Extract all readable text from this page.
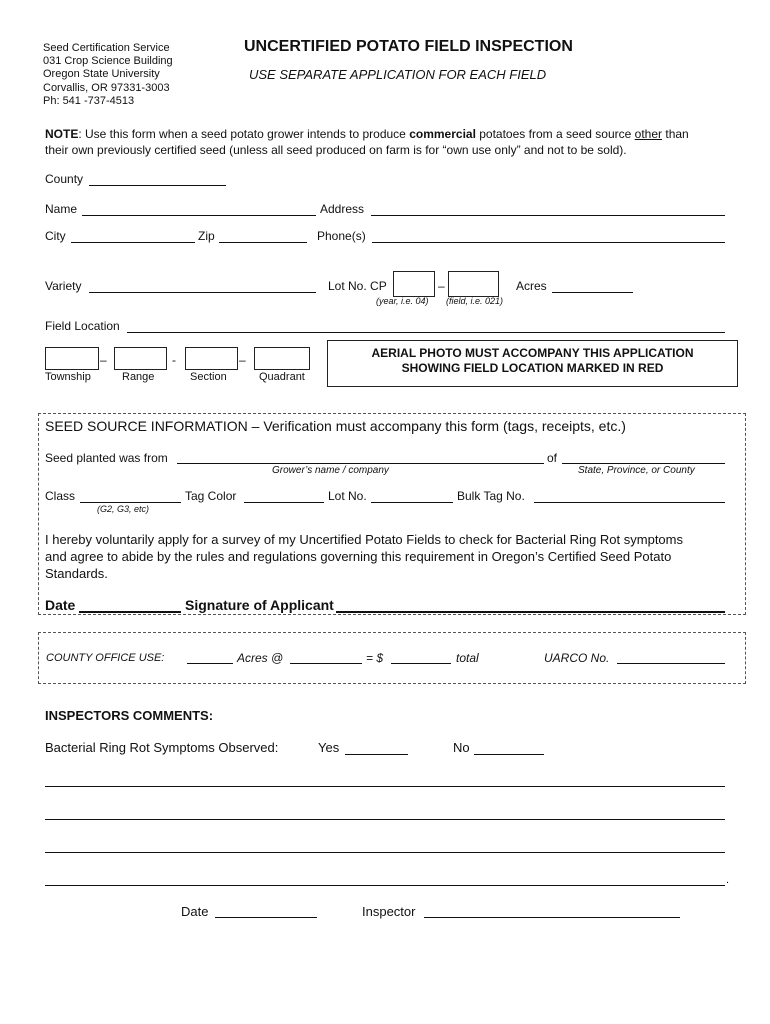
Seed Certification Service
031 Crop Science Building
Oregon State University
Corvallis, OR 97331-3003
Ph: 541 -737-4513
UNCERTIFIED POTATO FIELD INSPECTION
USE SEPARATE APPLICATION FOR EACH FIELD
NOTE: Use this form when a seed potato grower intends to produce commercial potatoes from a seed source other than
their own previously certified seed (unless all seed produced on farm is for “own use only” and not to be sold).
County
Name	Address
City	Zip	Phone(s)
Variety	Lot No. CP	–	Acres
(year, i.e. 04) (field, i.e. 021)
Field Location
–	-	–
Township	Range	Section	Quadrant
AERIAL PHOTO MUST ACCOMPANY THIS APPLICATION
SHOWING FIELD LOCATION MARKED IN RED
SEED SOURCE INFORMATION – Verification must accompany this form (tags, receipts, etc.)
Seed planted was from	of
Grower’s name / company	State, Province, or County
Class	Tag Color	Lot No.	Bulk Tag No.
(G2, G3, etc)
I hereby voluntarily apply for a survey of my Uncertified Potato Fields to check for Bacterial Ring Rot symptoms
and agree to abide by the rules and regulations governing this requirement in Oregon’s Certified Seed Potato
Standards.
Date	Signature of Applicant
COUNTY OFFICE USE:	Acres @	= $	total	UARCO No.
INSPECTORS COMMENTS:
Bacterial Ring Rot Symptoms Observed:	Yes	No
.
Date	Inspector
